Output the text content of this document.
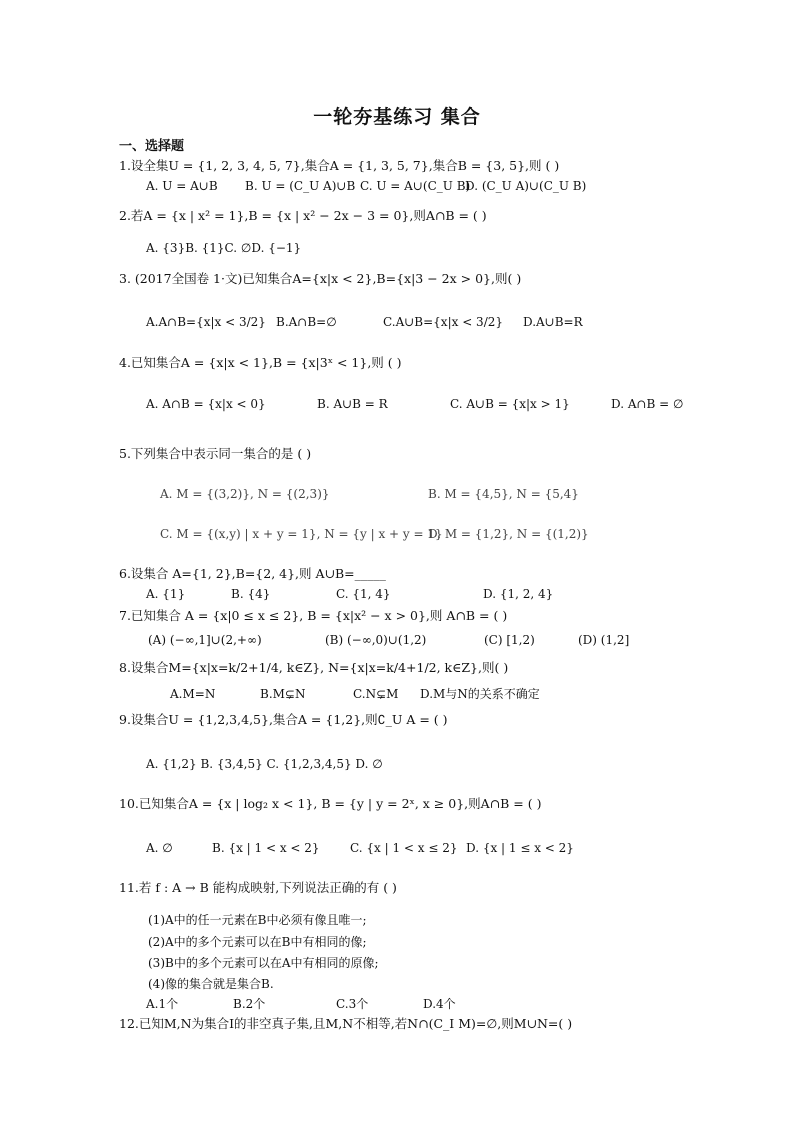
一轮夯基练习 集合
一、选择题
1.设全集U = {1, 2, 3, 4, 5, 7},集合A = {1, 3, 5, 7},集合B = {3, 5},则 ( )
A. U = A∪B B. U = (C_U A)∪B C. U = A∪(C_U B)
D. (C_U A)∪(C_U B)
2.若A = {x | x² = 1},B = {x | x² − 2x − 3 = 0},则A∩B = ( )
A. {3}B. {1}C. ∅D. {−1}
3. (2017全国卷 1·文)已知集合A={x|x < 2},B={x|3 − 2x > 0},则( )
A.A∩B={x|x < 3/2} B.A∩B=∅	C.A∪B={x|x < 3/2} D.A∪B=R
4.已知集合A = {x|x < 1},B = {x|3ˣ < 1},则 ( )
A. A∩B = {x|x < 0}	B. A∪B = R	C. A∪B = {x|x > 1}	D. A∩B = ∅
5.下列集合中表示同一集合的是 ( )
A. M = {(3,2)}, N = {(2,3)}	B. M = {4,5}, N = {5,4}
C. M = {(x,y) | x + y = 1}, N = {y | x + y = 1}
D. M = {1,2}, N = {(1,2)}
6.设集合 A={1, 2},B={2, 4},则 A∪B=_____
A. {1}	B. {4}	C. {1, 4}	D. {1, 2, 4}
7.已知集合 A = {x|0 ≤ x ≤ 2}, B = {x|x² − x > 0},则 A∩B = ( )
(A) (−∞,1]∪(2,+∞)	(B) (−∞,0)∪(1,2)	(C) [1,2)	(D) (1,2]
8.设集合M={x|x=k/2+1/4, k∈Z}, N={x|x=k/4+1/2, k∈Z},则( )
A.M=N	B.M⊊N	C.N⊊M D.M与N的关系不确定
9.设集合U = {1,2,3,4,5},集合A = {1,2},则∁_U A = ( )
A. {1,2} B. {3,4,5} C. {1,2,3,4,5} D. ∅
10.已知集合A = {x | log₂ x < 1}, B = {y | y = 2ˣ, x ≥ 0},则A∩B = ( )
A. ∅	B. {x | 1 < x < 2}	C. {x | 1 < x ≤ 2} D. {x | 1 ≤ x < 2}
11.若 f : A → B 能构成映射,下列说法正确的有 ( )
(1)A中的任一元素在B中必须有像且唯一;
(2)A中的多个元素可以在B中有相同的像;
(3)B中的多个元素可以在A中有相同的原像;
(4)像的集合就是集合B.
A.1个	B.2个	C.3个	D.4个
12.已知M,N为集合I的非空真子集,且M,N不相等,若N∩(C_I M)=∅,则M∪N=( )
